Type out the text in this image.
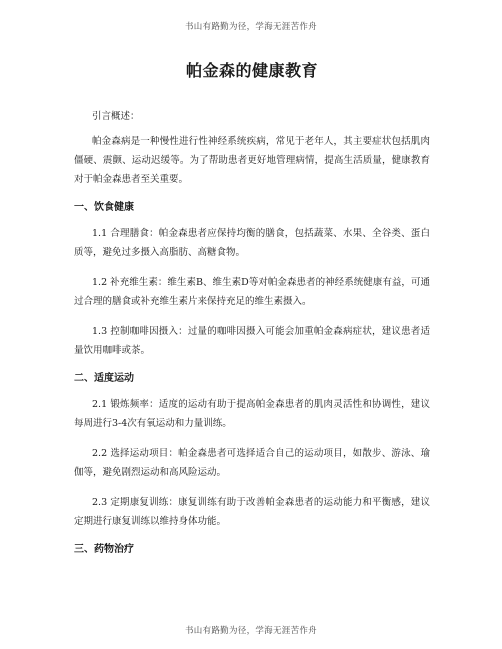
书山有路勤为径，学海无涯苦作舟
帕金森的健康教育

引言概述：

帕金森病是一种慢性进行性神经系统疾病，常见于老年人，其主要症状包括肌肉僵硬、震颤、运动迟缓等。为了帮助患者更好地管理病情，提高生活质量，健康教育对于帕金森患者至关重要。

一、饮食健康

1.1 合理膳食：帕金森患者应保持均衡的膳食，包括蔬菜、水果、全谷类、蛋白质等，避免过多摄入高脂肪、高糖食物。

1.2 补充维生素：维生素B、维生素D等对帕金森患者的神经系统健康有益，可通过合理的膳食或补充维生素片来保持充足的维生素摄入。

1.3 控制咖啡因摄入：过量的咖啡因摄入可能会加重帕金森病症状，建议患者适量饮用咖啡或茶。

二、适度运动

2.1 锻炼频率：适度的运动有助于提高帕金森患者的肌肉灵活性和协调性，建议每周进行3-4次有氧运动和力量训练。

2.2 选择运动项目：帕金森患者可选择适合自己的运动项目，如散步、游泳、瑜伽等，避免剧烈运动和高风险运动。

2.3 定期康复训练：康复训练有助于改善帕金森患者的运动能力和平衡感，建议定期进行康复训练以维持身体功能。

三、药物治疗
书山有路勤为径，学海无涯苦作舟
